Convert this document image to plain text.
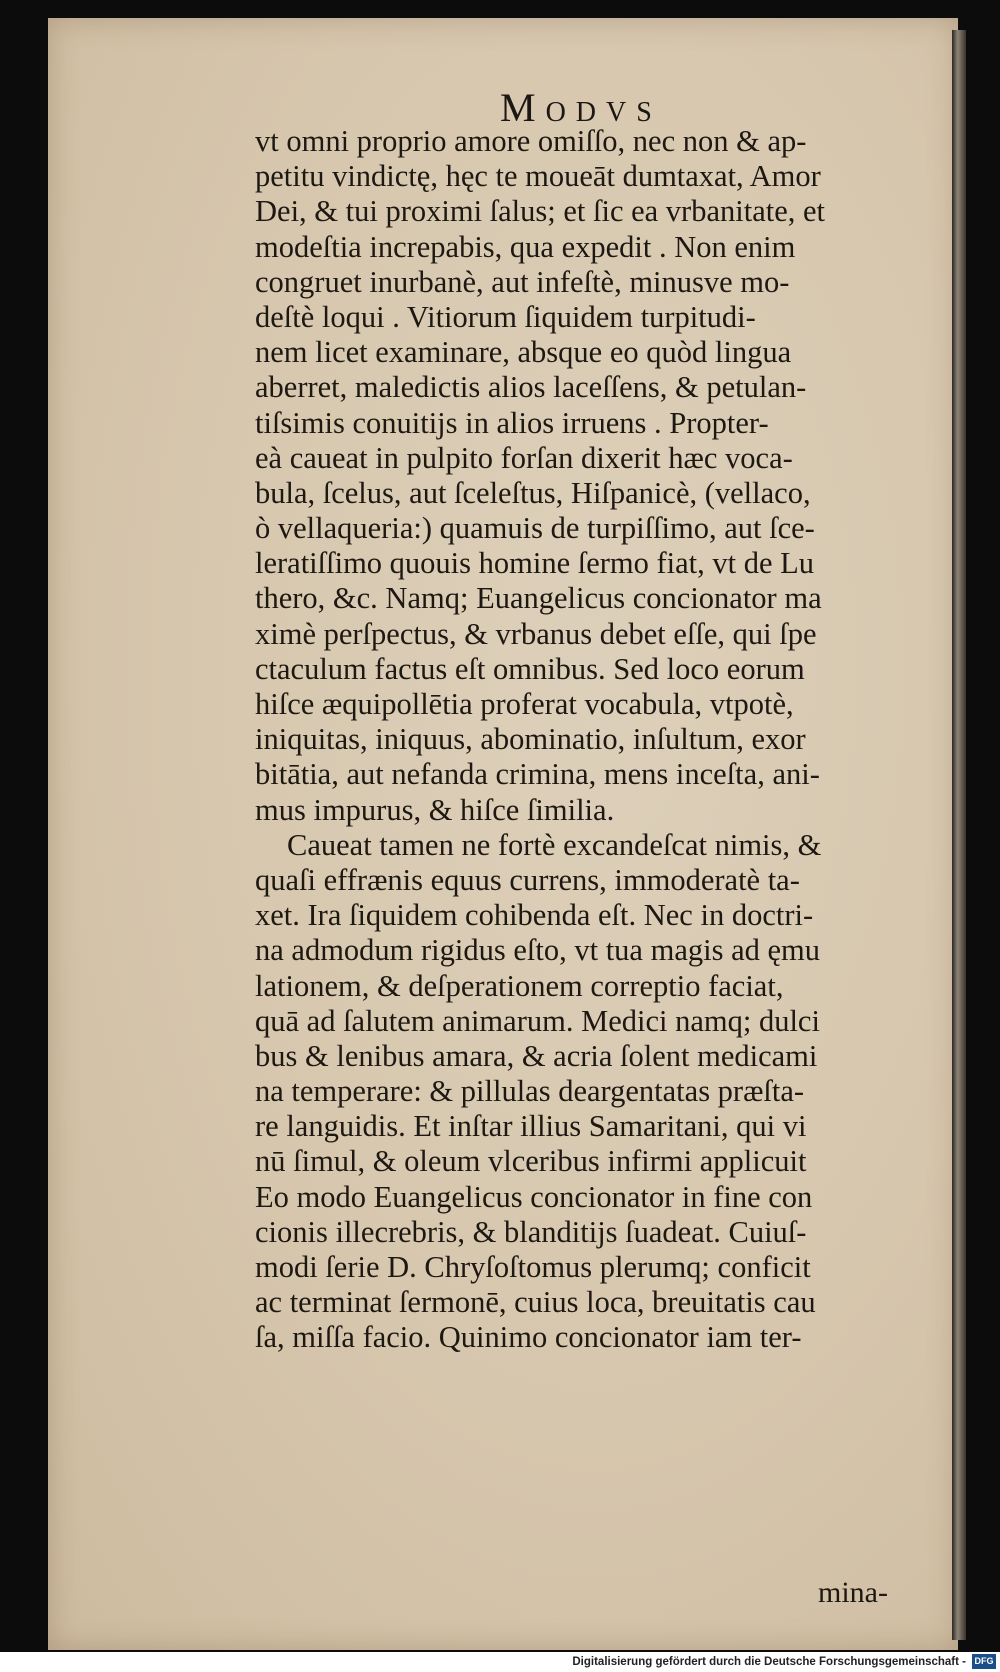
Modvs
vt omni proprio amore omiſſo, nec non & ap-
petitu vindictę, hęc te moueāt dumtaxat, Amor
Dei, & tui proximi ſalus; et ſic ea vrbanitate, et
modeſtia increpabis, qua expedit . Non enim
congruet inurbanè, aut infeſtè, minusve mo-
deſtè loqui . Vitiorum ſiquidem turpitudi-
nem licet examinare, absque eo quòd lingua
aberret, maledictis alios laceſſens, & petulan-
tiſsimis conuitijs in alios irruens . Propter-
eà caueat in pulpito forſan dixerit hæc voca-
bula, ſcelus, aut ſceleſtus, Hiſpanicè, (vellaco,
ò vellaqueria:) quamuis de turpiſſimo, aut ſce-
leratiſſimo quouis homine ſermo fiat, vt de Lu
thero, &c. Namq; Euangelicus concionator ma
ximè perſpectus, & vrbanus debet eſſe, qui ſpe
ctaculum factus eſt omnibus. Sed loco eorum
hiſce æquipollētia proferat vocabula, vtpotè,
iniquitas, iniquus, abominatio, inſultum, exor
bitātia, aut nefanda crimina, mens inceſta, ani-
mus impurus, & hiſce ſimilia.
Caueat tamen ne fortè excandeſcat nimis, &
quaſi effrænis equus currens, immoderatè ta-
xet. Ira ſiquidem cohibenda eſt. Nec in doctri-
na admodum rigidus eſto, vt tua magis ad ęmu
lationem, & deſperationem correptio faciat,
quā ad ſalutem animarum. Medici namq; dulci
bus & lenibus amara, & acria ſolent medicami
na temperare: & pillulas deargentatas præſta-
re languidis. Et inſtar illius Samaritani, qui vi
nū ſimul, & oleum vlceribus infirmi applicuit
Eo modo Euangelicus concionator in fine con
cionis illecrebris, & blanditijs ſuadeat. Cuiuſ-
modi ſerie D. Chryſoſtomus plerumq; conficit
ac terminat ſermonē, cuius loca, breuitatis cau
ſa, miſſa facio. Quinimo concionator iam ter-
mina-
Digitalisierung gefördert durch die Deutsche Forschungsgemeinschaft - DFG
